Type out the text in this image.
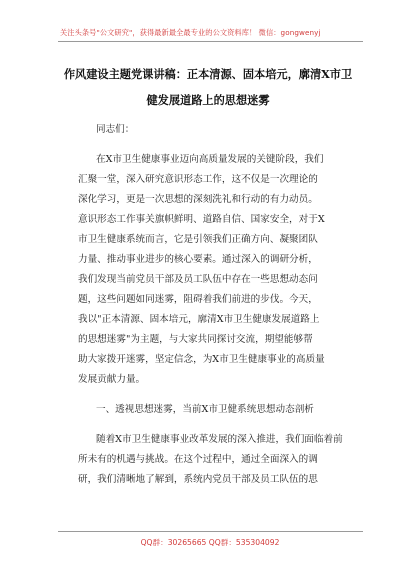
关注头条号"公文研究"，获得最新最全最专业的公文资料库！ 微信：gongwenyj
作风建设主题党课讲稿：正本清源、固本培元，廓清X市卫
健发展道路上的思想迷雾
同志们：
在X市卫生健康事业迈向高质量发展的关键阶段，我们
汇聚一堂，深入研究意识形态工作，这不仅是一次理论的
深化学习，更是一次思想的深刻洗礼和行动的有力动员。
意识形态工作事关旗帜鲜明、道路自信、国家安全，对于X
市卫生健康系统而言，它是引领我们正确方向、凝聚团队
力量、推动事业进步的核心要素。通过深入的调研分析，
我们发现当前党员干部及员工队伍中存在一些思想动态问
题，这些问题如同迷雾，阻碍着我们前进的步伐。今天，
我以"正本清源、固本培元，廓清X市卫生健康发展道路上
的思想迷雾"为主题，与大家共同探讨交流，期望能够帮
助大家拨开迷雾，坚定信念，为X市卫生健康事业的高质量
发展贡献力量。
一、透视思想迷雾，当前X市卫健系统思想动态剖析
随着X市卫生健康事业改革发展的深入推进，我们面临着前
所未有的机遇与挑战。在这个过程中，通过全面深入的调
研，我们清晰地了解到，系统内党员干部及员工队伍的思
QQ群：30265665 QQ群：535304092
